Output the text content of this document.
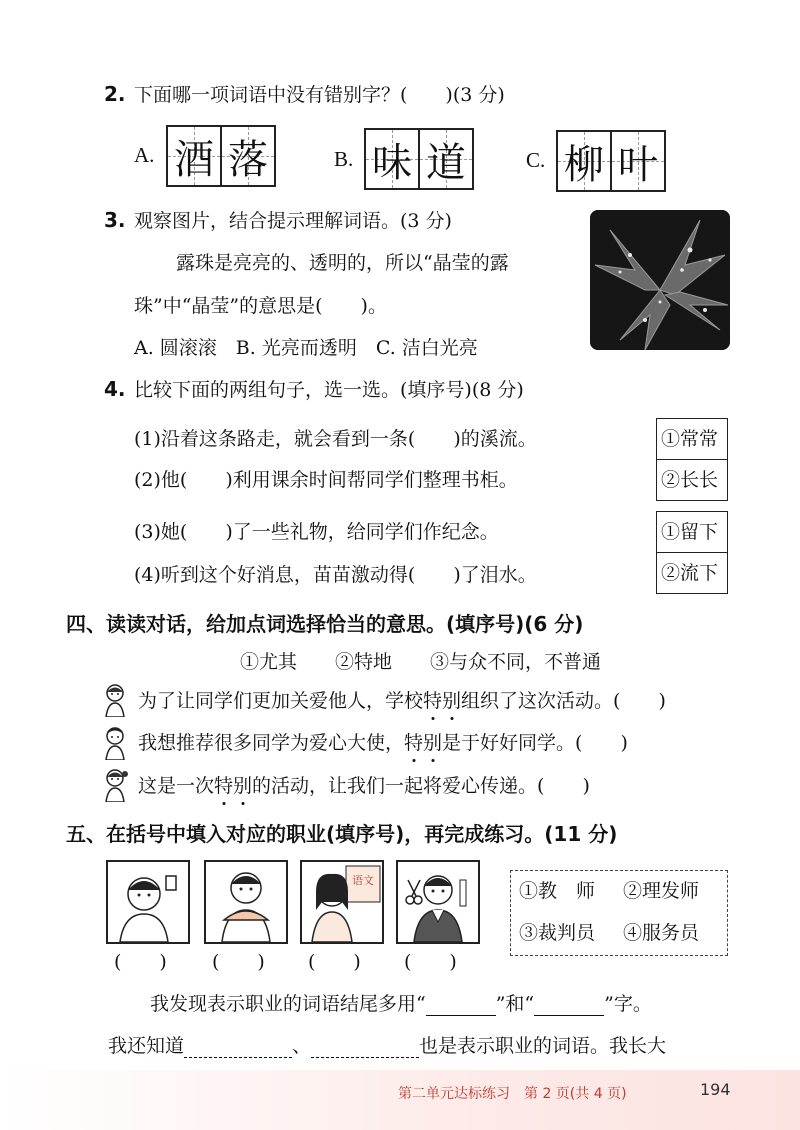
2. 下面哪一项词语中没有错别字？(　　)(3 分)
A. 酒 落	B. 味 道	C. 柳 叶
3. 观察图片，结合提示理解词语。(3 分)
露珠是亮亮的、透明的，所以“晶莹的露
珠”中“晶莹”的意思是(　　)。
A. 圆滚滚　B. 光亮而透明　C. 洁白光亮
4. 比较下面的两组句子，选一选。(填序号)(8 分)
(1)沿着这条路走，就会看到一条(　　)的溪流。
(2)他(　　)利用课余时间帮同学们整理书柜。
(3)她(　　)了一些礼物，给同学们作纪念。
(4)听到这个好消息，苗苗激动得(　　)了泪水。
①常常
②长长
①留下
②流下
四、读读对话，给加点词选择恰当的意思。(填序号)(6 分)
①尤其　　②特地　　③与众不同，不普通
为了让同学们更加关爱他人，学校特
别
组织了这次活动。(　　)
我想推荐很多同学为爱心大使，特
别
是于好好同学。(　　)
这是一次特
别
的活动，让我们一起将爱心传递。(　　)
五、在括号中填入对应的职业(填序号)，再完成练习。(11 分)
语文
(　　) (　　) (　　) (　　)
①教　师 ②理发师
③裁判员 ④服务员
我发现表示职业的词语结尾多用“	”和“	”字。
我还知道	、	也是表示职业的词语。我长大
第二单元达标练习　第 2 页(共 4 页)	194
